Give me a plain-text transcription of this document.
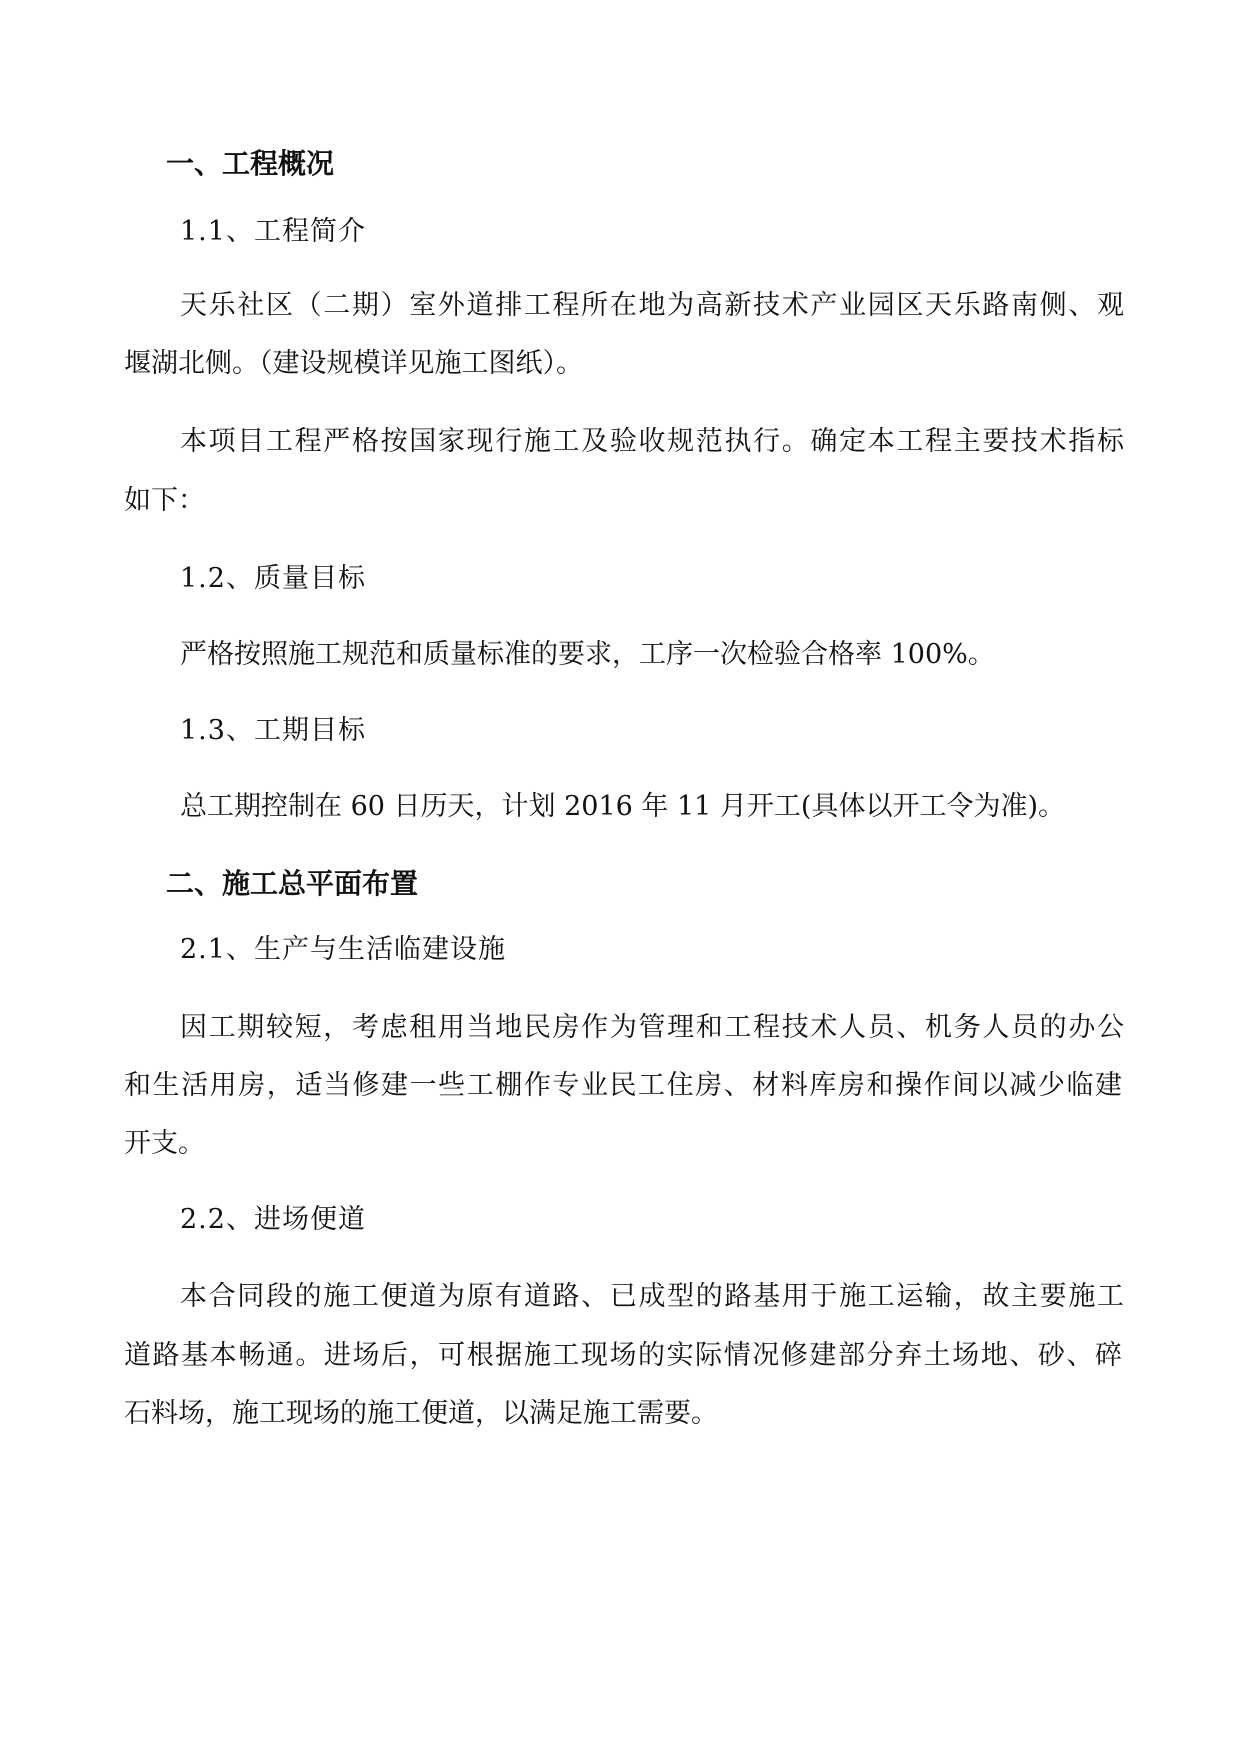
一、工程概况
1.1、工程简介
天乐社区（二期）室外道排工程所在地为高新技术产业园区天乐路南侧、观
堰湖北侧。（建设规模详见施工图纸）。
本项目工程严格按国家现行施工及验收规范执行。确定本工程主要技术指标
如下：
1.2、质量目标
严格按照施工规范和质量标准的要求，工序一次检验合格率 100%。
1.3、工期目标
总工期控制在 60 日历天，计划 2016 年 11 月开工(具体以开工令为准)。
二、施工总平面布置
2.1、生产与生活临建设施
因工期较短，考虑租用当地民房作为管理和工程技术人员、机务人员的办公
和生活用房，适当修建一些工棚作专业民工住房、材料库房和操作间以减少临建
开支。
2.2、进场便道
本合同段的施工便道为原有道路、已成型的路基用于施工运输，故主要施工
道路基本畅通。进场后，可根据施工现场的实际情况修建部分弃土场地、砂、碎
石料场，施工现场的施工便道，以满足施工需要。
